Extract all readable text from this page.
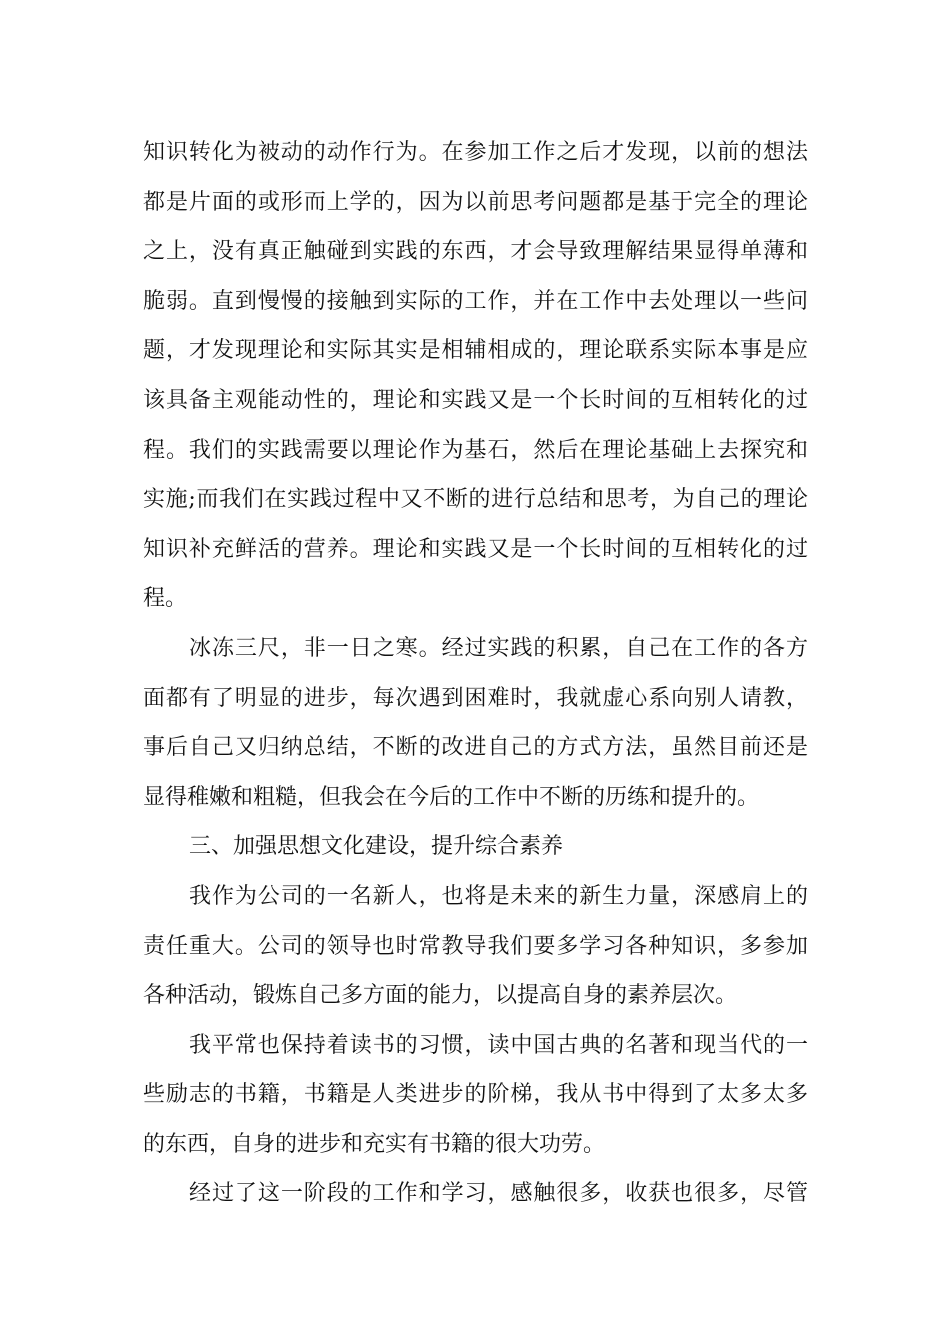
知识转化为被动的动作行为。在参加工作之后才发现，以前的想法
都是片面的或形而上学的，因为以前思考问题都是基于完全的理论
之上，没有真正触碰到实践的东西，才会导致理解结果显得单薄和
脆弱。直到慢慢的接触到实际的工作，并在工作中去处理以一些问
题，才发现理论和实际其实是相辅相成的，理论联系实际本事是应
该具备主观能动性的，理论和实践又是一个长时间的互相转化的过
程。我们的实践需要以理论作为基石，然后在理论基础上去探究和
实施;而我们在实践过程中又不断的进行总结和思考，为自己的理论
知识补充鲜活的营养。理论和实践又是一个长时间的互相转化的过
程。
冰冻三尺，非一日之寒。经过实践的积累，自己在工作的各方
面都有了明显的进步，每次遇到困难时，我就虚心系向别人请教，
事后自己又归纳总结，不断的改进自己的方式方法，虽然目前还是
显得稚嫩和粗糙，但我会在今后的工作中不断的历练和提升的。
三、加强思想文化建设，提升综合素养
我作为公司的一名新人，也将是未来的新生力量，深感肩上的
责任重大。公司的领导也时常教导我们要多学习各种知识，多参加
各种活动，锻炼自己多方面的能力，以提高自身的素养层次。
我平常也保持着读书的习惯，读中国古典的名著和现当代的一
些励志的书籍，书籍是人类进步的阶梯，我从书中得到了太多太多
的东西，自身的进步和充实有书籍的很大功劳。
经过了这一阶段的工作和学习，感触很多，收获也很多，尽管
